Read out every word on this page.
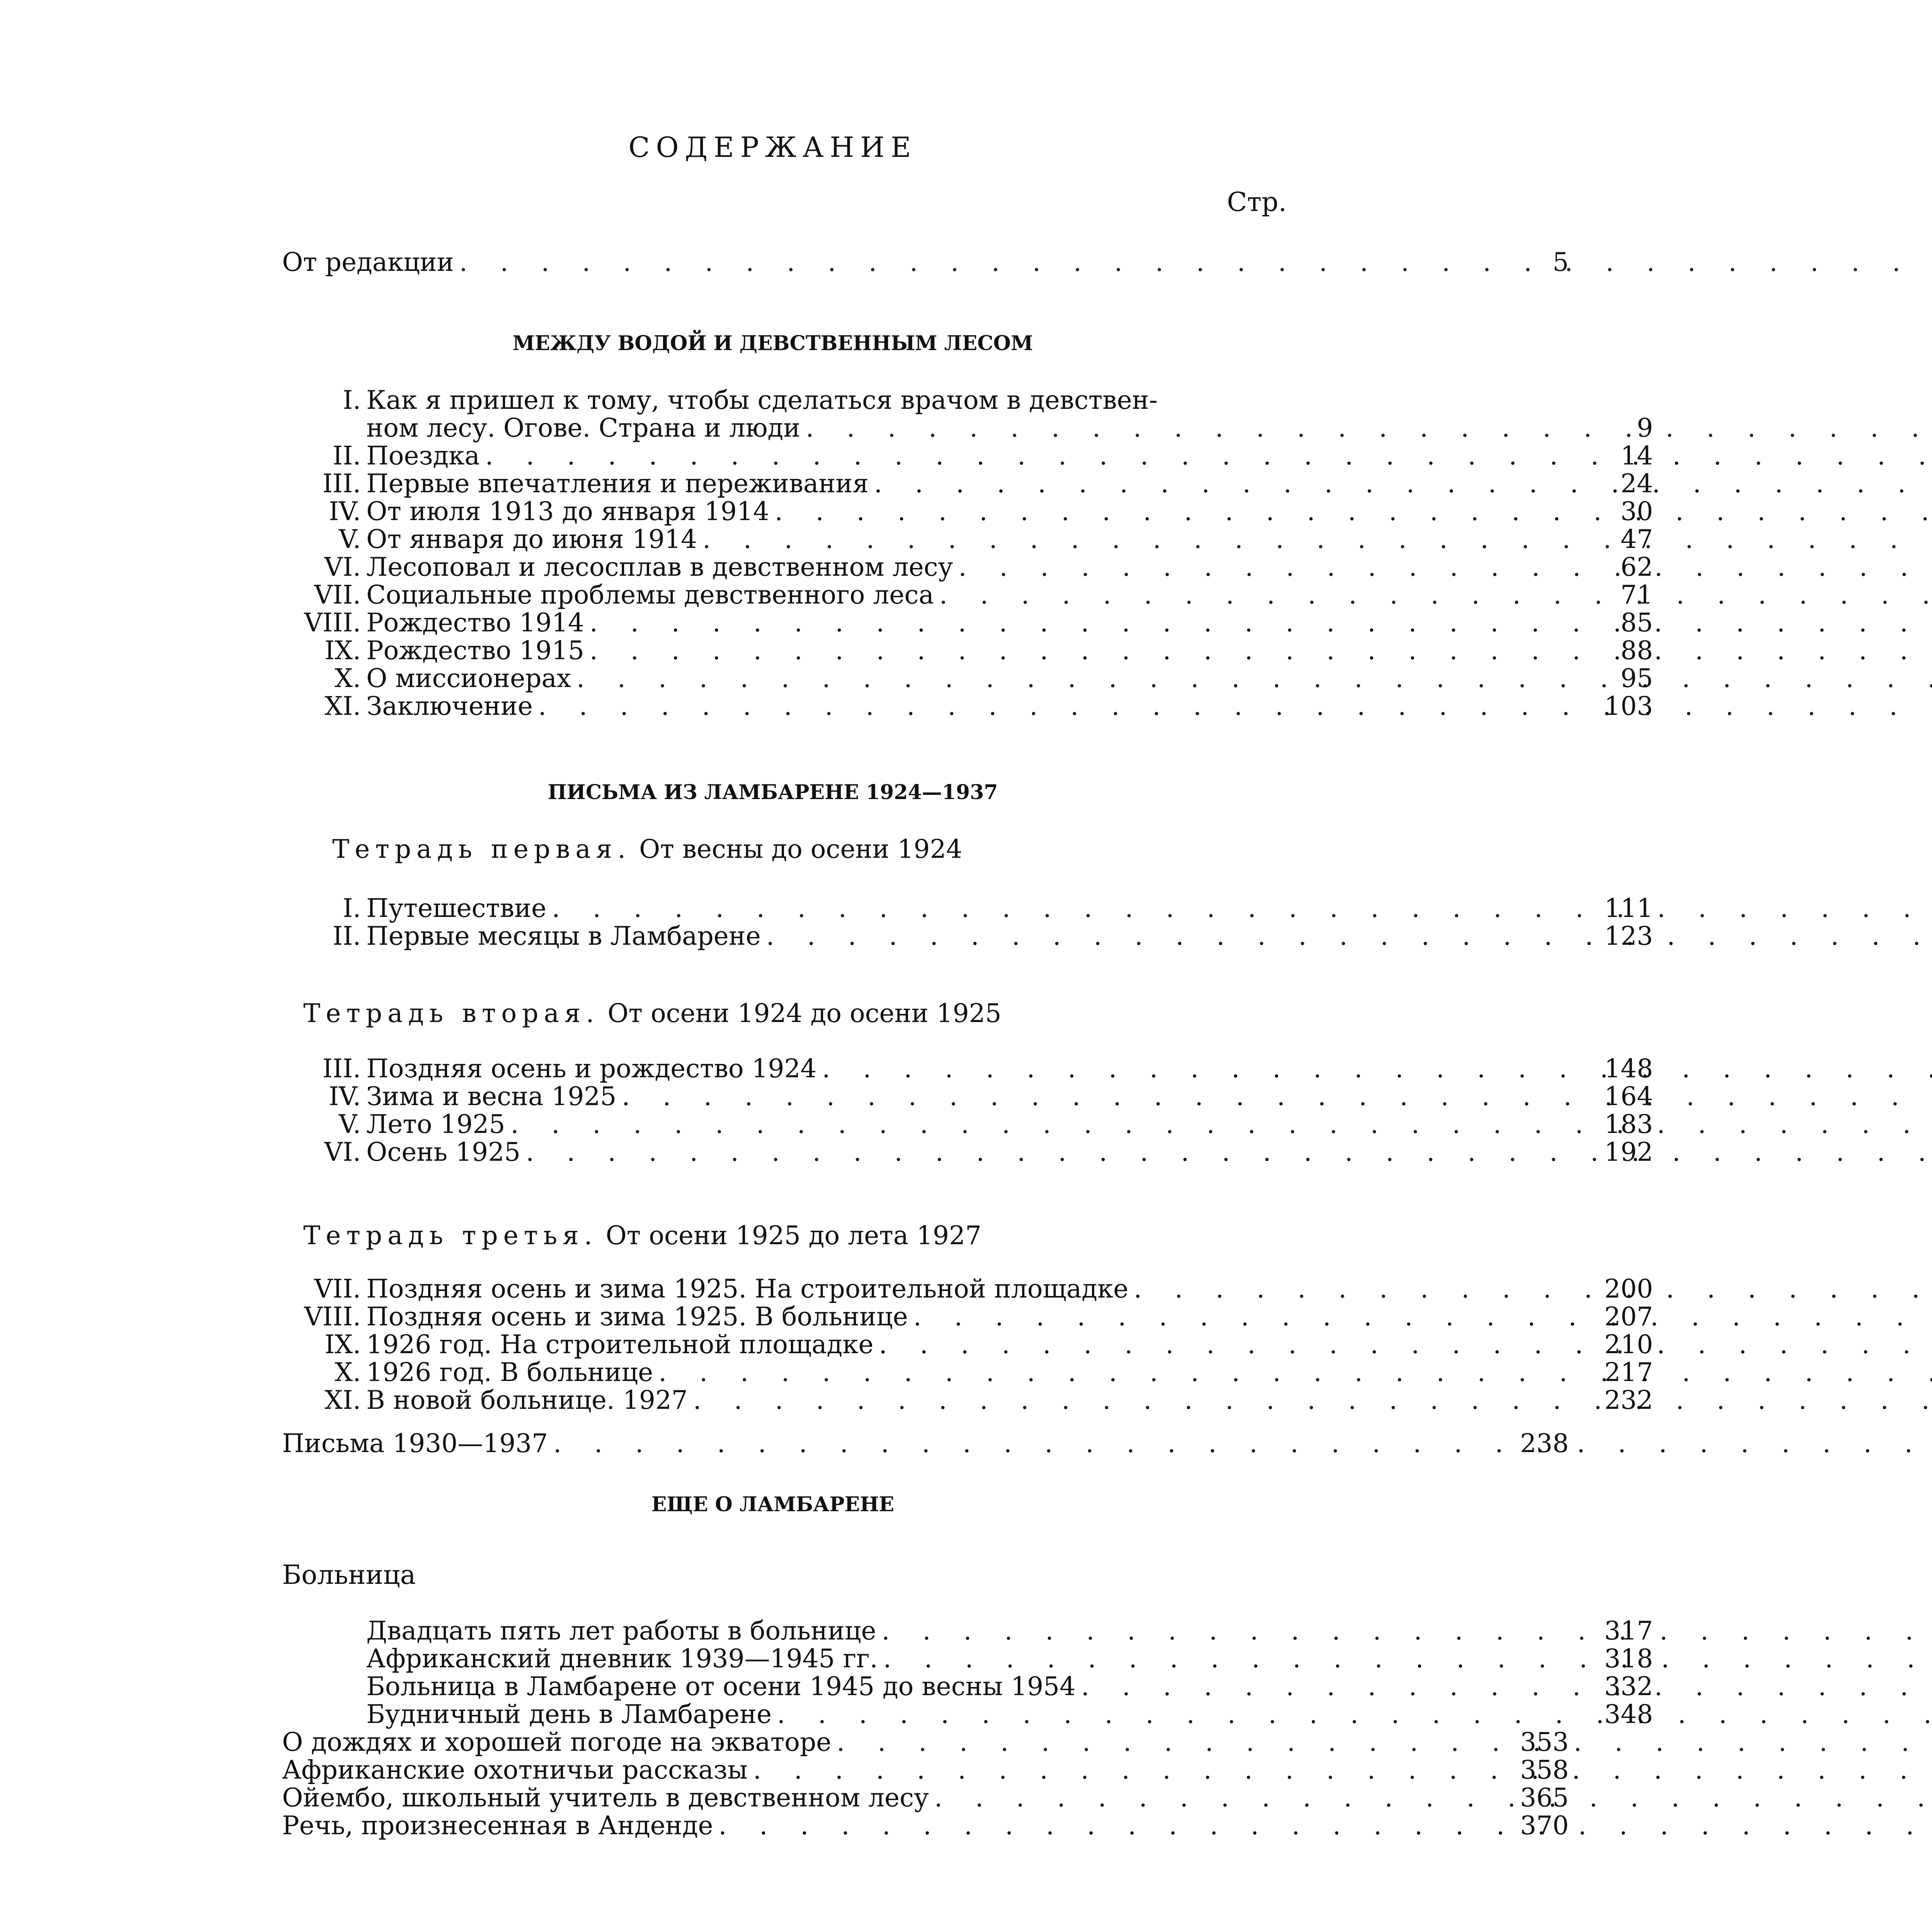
СОДЕРЖАНИЕ
Стр.
От редакции . . .	5
МЕЖДУ ВОДОЙ И ДЕВСТВЕННЫМ ЛЕСОМ
I. Как я пришел к тому, чтобы сделаться врачом в девствен-
ном лесу. Огове. Страна и люди . . .	9
II. Поездка . . .	14
III. Первые впечатления и переживания . . .	24
IV. От июля 1913 до января 1914 . . .	30
V. От января до июня 1914 . . .	47
VI. Лесоповал и лесосплав в девственном лесу . . .	62
VII. Социальные проблемы девственного леса . . .	71
VIII. Рождество 1914 . . .	85
IX. Рождество 1915 . . .	88
X. О миссионерах . . .	95
XI. Заключение . . .	103
ПИСЬМА ИЗ ЛАМБАРЕНЕ 1924—1937
Тетрадь первая. От весны до осени 1924
I. Путешествие . . .	111
II. Первые месяцы в Ламбарене . . .	123
Тетрадь вторая. От осени 1924 до осени 1925
III. Поздняя осень и рождество 1924 . . .	148
IV. Зима и весна 1925 . . .	164
V. Лето 1925 . . .	183
VI. Осень 1925 . . .	192
Тетрадь третья. От осени 1925 до лета 1927
VII. Поздняя осень и зима 1925. На строительной площадке . . .	200
VIII. Поздняя осень и зима 1925. В больнице . . .	207
IX. 1926 год. На строительной площадке . . .	210
X. 1926 год. В больнице . . .	217
XI. В новой больнице. 1927 . . .	232
Письма 1930—1937 . . .	238
ЕЩЕ О ЛАМБАРЕНЕ
Больница
Двадцать пять лет работы в больнице . . .	317
Африканский дневник 1939—1945 гг. . . .	318
Больница в Ламбарене от осени 1945 до весны 1954 . . .	332
Будничный день в Ламбарене . . .	348
О дождях и хорошей погоде на экваторе . . .	353
Африканские охотничьи рассказы . . .	358
Ойембо, школьный учитель в девственном лесу . . .	365
Речь, произнесенная в Анденде . . .	370
